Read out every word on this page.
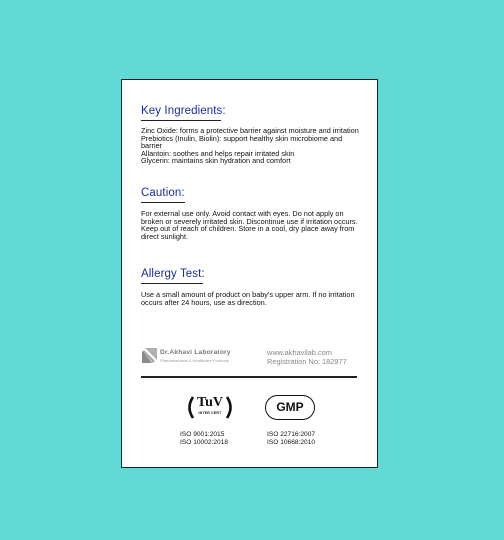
Key Ingredients:

Zinc Oxide: forms a protective barrier against moisture and irritation

Prebiotics (Inulin, Biolin): support healthy skin microbiome and barrier

Allantoin: soothes and helps repair irritated skin

Glycerin: maintains skin hydration and comfort

Caution:
For external use only. Avoid contact with eyes. Do not apply on broken or severely irritated skin. Discontinue use if irritation occurs. Keep out of reach of children. Store in a cool, dry place away from direct sunlight.
Allergy Test:
Use a small amount of product on baby's upper arm. If no irritation occurs after 24 hours, use as direction.
Dr.Akhavi Laboratory
Pharmaceutical & Healthcare Products
www.akhavilab.com
Registration No: 182977
TuV
INTER CERT	GMP
ISO 9001:2015
ISO 10002:2018
ISO 22716:2007
ISO 10668:2010
